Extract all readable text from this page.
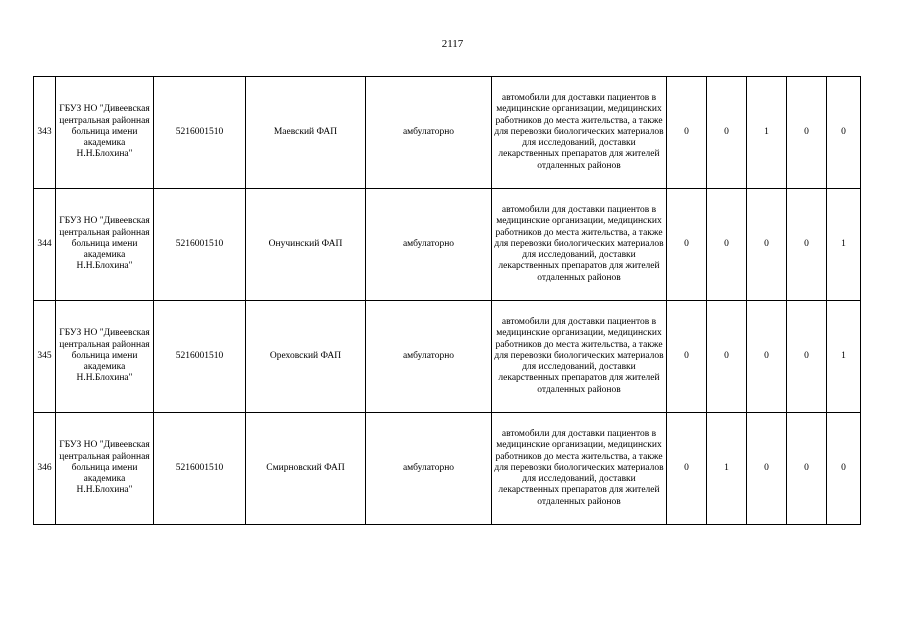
2117
343	ГБУЗ НО "Дивеевская центральная районная больница имени академика Н.Н.Блохина"	5216001510	Маевский ФАП	амбулаторно	автомобили для доставки пациентов в медицинские организации, медицинских работников до места жительства, а также для перевозки биологических материалов для исследований, доставки лекарственных препаратов для жителей отдаленных районов	0	0	1	0	0
344	ГБУЗ НО "Дивеевская центральная районная больница имени академика Н.Н.Блохина"	5216001510	Онучинский ФАП	амбулаторно	автомобили для доставки пациентов в медицинские организации, медицинских работников до места жительства, а также для перевозки биологических материалов для исследований, доставки лекарственных препаратов для жителей отдаленных районов	0	0	0	0	1
345	ГБУЗ НО "Дивеевская центральная районная больница имени академика Н.Н.Блохина"	5216001510	Ореховский ФАП	амбулаторно	автомобили для доставки пациентов в медицинские организации, медицинских работников до места жительства, а также для перевозки биологических материалов для исследований, доставки лекарственных препаратов для жителей отдаленных районов	0	0	0	0	1
346	ГБУЗ НО "Дивеевская центральная районная больница имени академика Н.Н.Блохина"	5216001510	Смирновский ФАП	амбулаторно	автомобили для доставки пациентов в медицинские организации, медицинских работников до места жительства, а также для перевозки биологических материалов для исследований, доставки лекарственных препаратов для жителей отдаленных районов	0	1	0	0	0
